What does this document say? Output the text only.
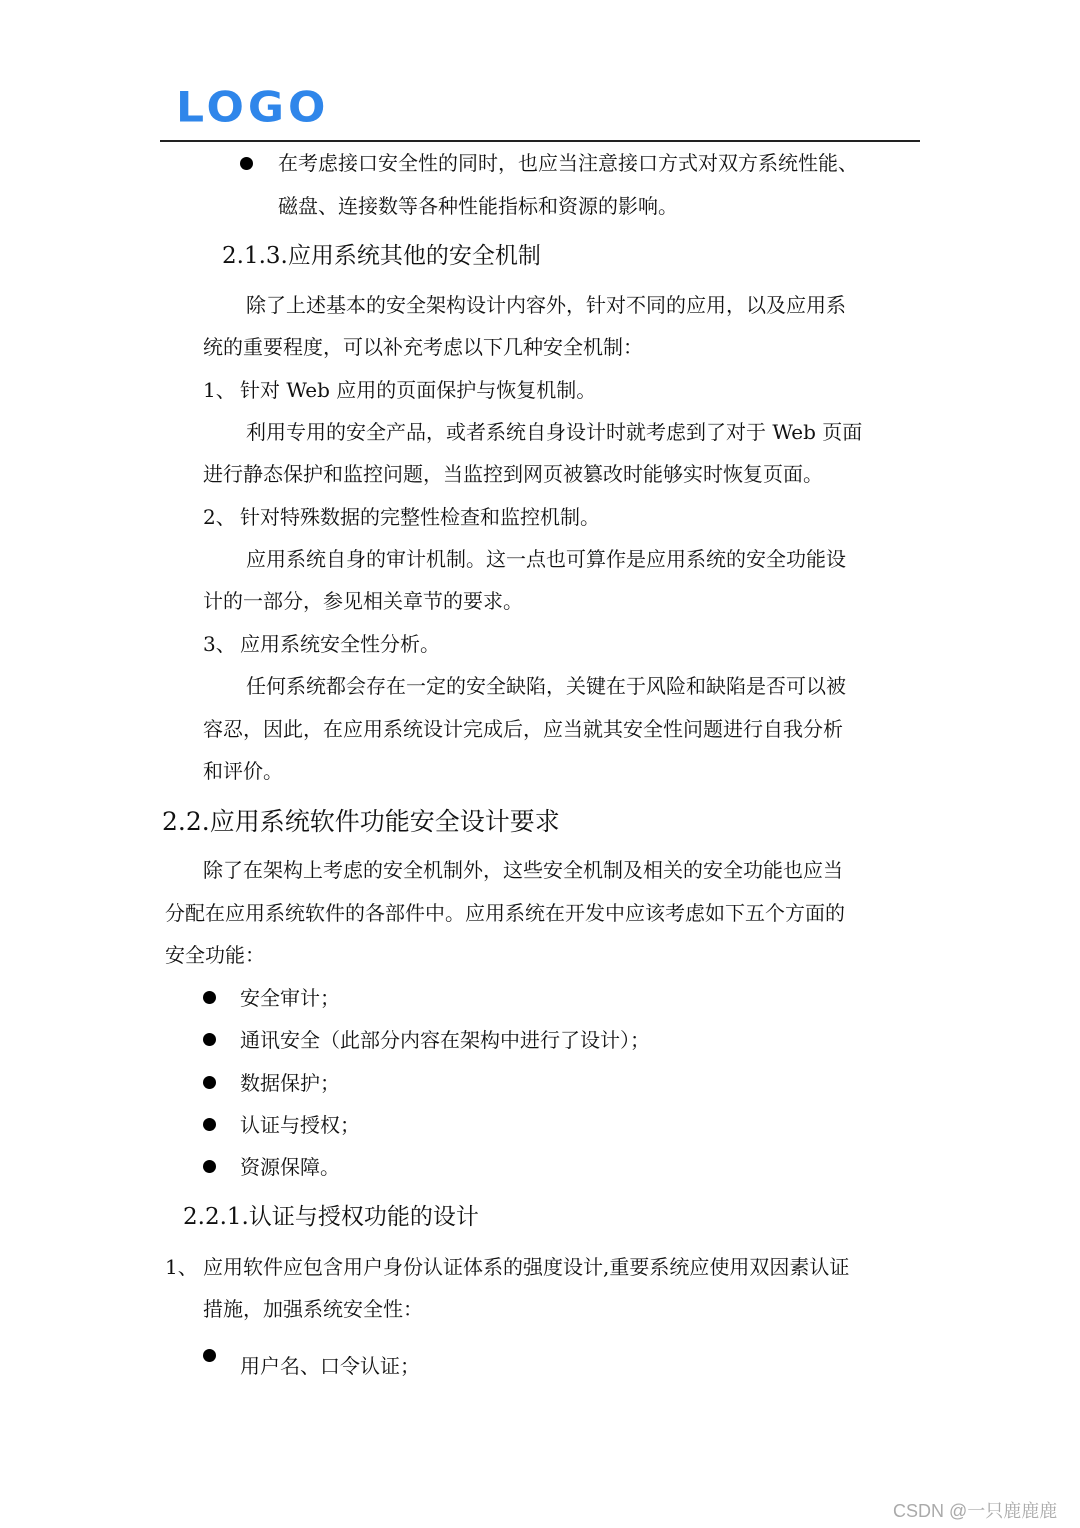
LOGO
在考虑接口安全性的同时，也应当注意接口方式对双方系统性能、
磁盘、连接数等各种性能指标和资源的影响。
2.1.3.应用系统其他的安全机制
除了上述基本的安全架构设计内容外，针对不同的应用，以及应用系
统的重要程度，可以补充考虑以下几种安全机制：
1、 针对 Web 应用的页面保护与恢复机制。
利用专用的安全产品，或者系统自身设计时就考虑到了对于 Web 页面
进行静态保护和监控问题，当监控到网页被篡改时能够实时恢复页面。
2、 针对特殊数据的完整性检查和监控机制。
应用系统自身的审计机制。这一点也可算作是应用系统的安全功能设
计的一部分，参见相关章节的要求。
3、 应用系统安全性分析。
任何系统都会存在一定的安全缺陷，关键在于风险和缺陷是否可以被
容忍，因此，在应用系统设计完成后，应当就其安全性问题进行自我分析
和评价。
2.2.应用系统软件功能安全设计要求
除了在架构上考虑的安全机制外，这些安全机制及相关的安全功能也应当
分配在应用系统软件的各部件中。应用系统在开发中应该考虑如下五个方面的
安全功能：
安全审计；
通讯安全（此部分内容在架构中进行了设计）；
数据保护；
认证与授权；
资源保障。
2.2.1.认证与授权功能的设计
1、 应用软件应包含用户身份认证体系的强度设计,重要系统应使用双因素认证
措施，加强系统安全性：
用户名、口令认证；
CSDN @一只鹿鹿鹿
